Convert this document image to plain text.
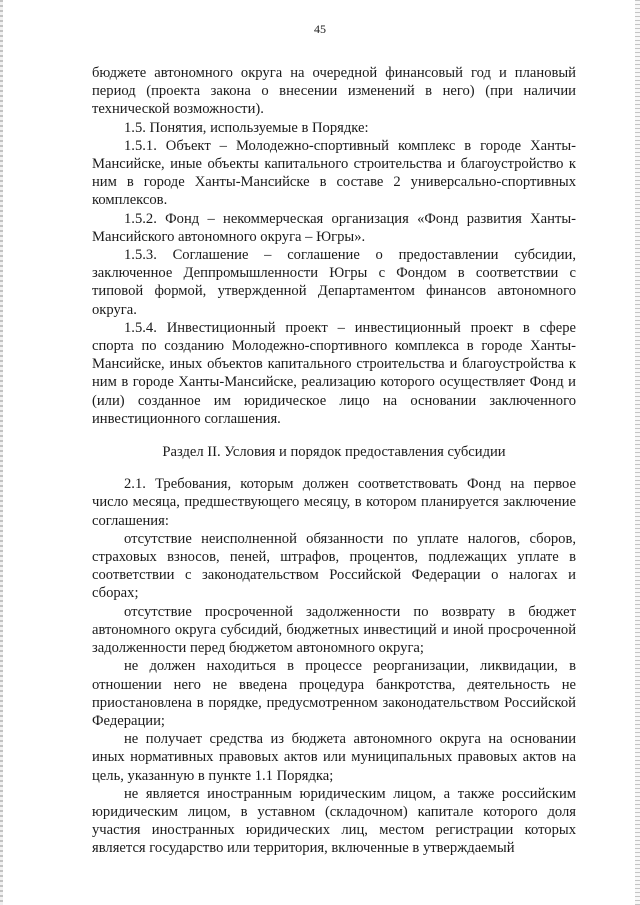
45

бюджете автономного округа на очередной финансовый год и плановый период (проекта закона о внесении изменений в него) (при наличии технической возможности).

1.5. Понятия, используемые в Порядке:

1.5.1. Объект – Молодежно-спортивный комплекс в городе Ханты-Мансийске, иные объекты капитального строительства и благоустройство к ним в городе Ханты-Мансийске в составе 2 универсально-спортивных комплексов.

1.5.2. Фонд – некоммерческая организация «Фонд развития Ханты-Мансийского автономного округа – Югры».

1.5.3. Соглашение – соглашение о предоставлении субсидии, заключенное Деппромышленности Югры с Фондом в соответствии с типовой формой, утвержденной Департаментом финансов автономного округа.

1.5.4. Инвестиционный проект – инвестиционный проект в сфере спорта по созданию Молодежно-спортивного комплекса в городе Ханты-Мансийске, иных объектов капитального строительства и благоустройства к ним в городе Ханты-Мансийске, реализацию которого осуществляет Фонд и (или) созданное им юридическое лицо на основании заключенного инвестиционного соглашения.

Раздел II. Условия и порядок предоставления субсидии

2.1. Требования, которым должен соответствовать Фонд на первое число месяца, предшествующего месяцу, в котором планируется заключение соглашения:

отсутствие неисполненной обязанности по уплате налогов, сборов, страховых взносов, пеней, штрафов, процентов, подлежащих уплате в соответствии с законодательством Российской Федерации о налогах и сборах;

отсутствие просроченной задолженности по возврату в бюджет автономного округа субсидий, бюджетных инвестиций и иной просроченной задолженности перед бюджетом автономного округа;

не должен находиться в процессе реорганизации, ликвидации, в отношении него не введена процедура банкротства, деятельность не приостановлена в порядке, предусмотренном законодательством Российской Федерации;

не получает средства из бюджета автономного округа на основании иных нормативных правовых актов или муниципальных правовых актов на цель, указанную в пункте 1.1 Порядка;

не является иностранным юридическим лицом, а также российским юридическим лицом, в уставном (складочном) капитале которого доля участия иностранных юридических лиц, местом регистрации которых является государство или территория, включенные в утверждаемый
